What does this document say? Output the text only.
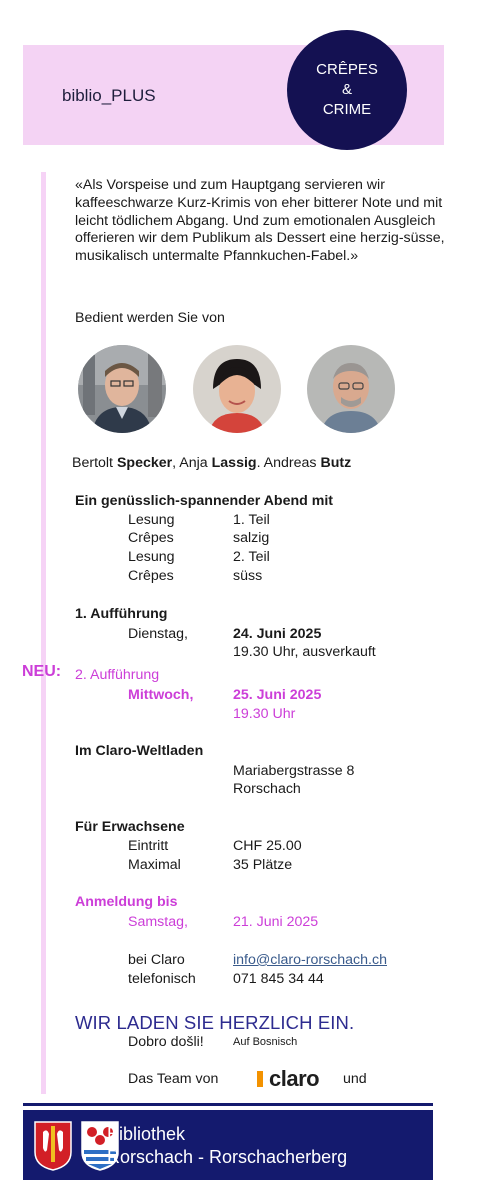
biblio_PLUS
CRÊPES
&
CRIME
«Als Vorspeise und zum Hauptgang servieren wir kaffeeschwarze Kurz-Krimis von eher bitterer Note und mit leicht tödlichem Abgang. Und zum emotionalen Ausgleich offerieren wir dem Publikum als Dessert eine herzig-süsse, musikalisch untermalte Pfannkuchen-Fabel.»
Bedient werden Sie von
Bertolt Specker, Anja Lassig. Andreas Butz
Ein genüsslich-spannender Abend mit
Lesung	1. Teil
Crêpes	salzig
Lesung	2. Teil
Crêpes	süss
1. Aufführung
Dienstag,	24. Juni 2025
19.30 Uhr, ausverkauft
NEU: 2. Aufführung
Mittwoch,	25. Juni 2025
19.30 Uhr
Im Claro-Weltladen
Mariabergstrasse 8
Rorschach
Für Erwachsene
Eintritt	CHF 25.00
Maximal	35 Plätze
Anmeldung bis
Samstag,	21. Juni 2025
bei Claro	info@claro-rorschach.ch
telefonisch	071 845 34 44
WIR LADEN SIE HERZLICH EIN.
Dobro došli!	Auf Bosnisch
Das Team von claro und
Bibliothek
Rorschach - Rorschacherberg
